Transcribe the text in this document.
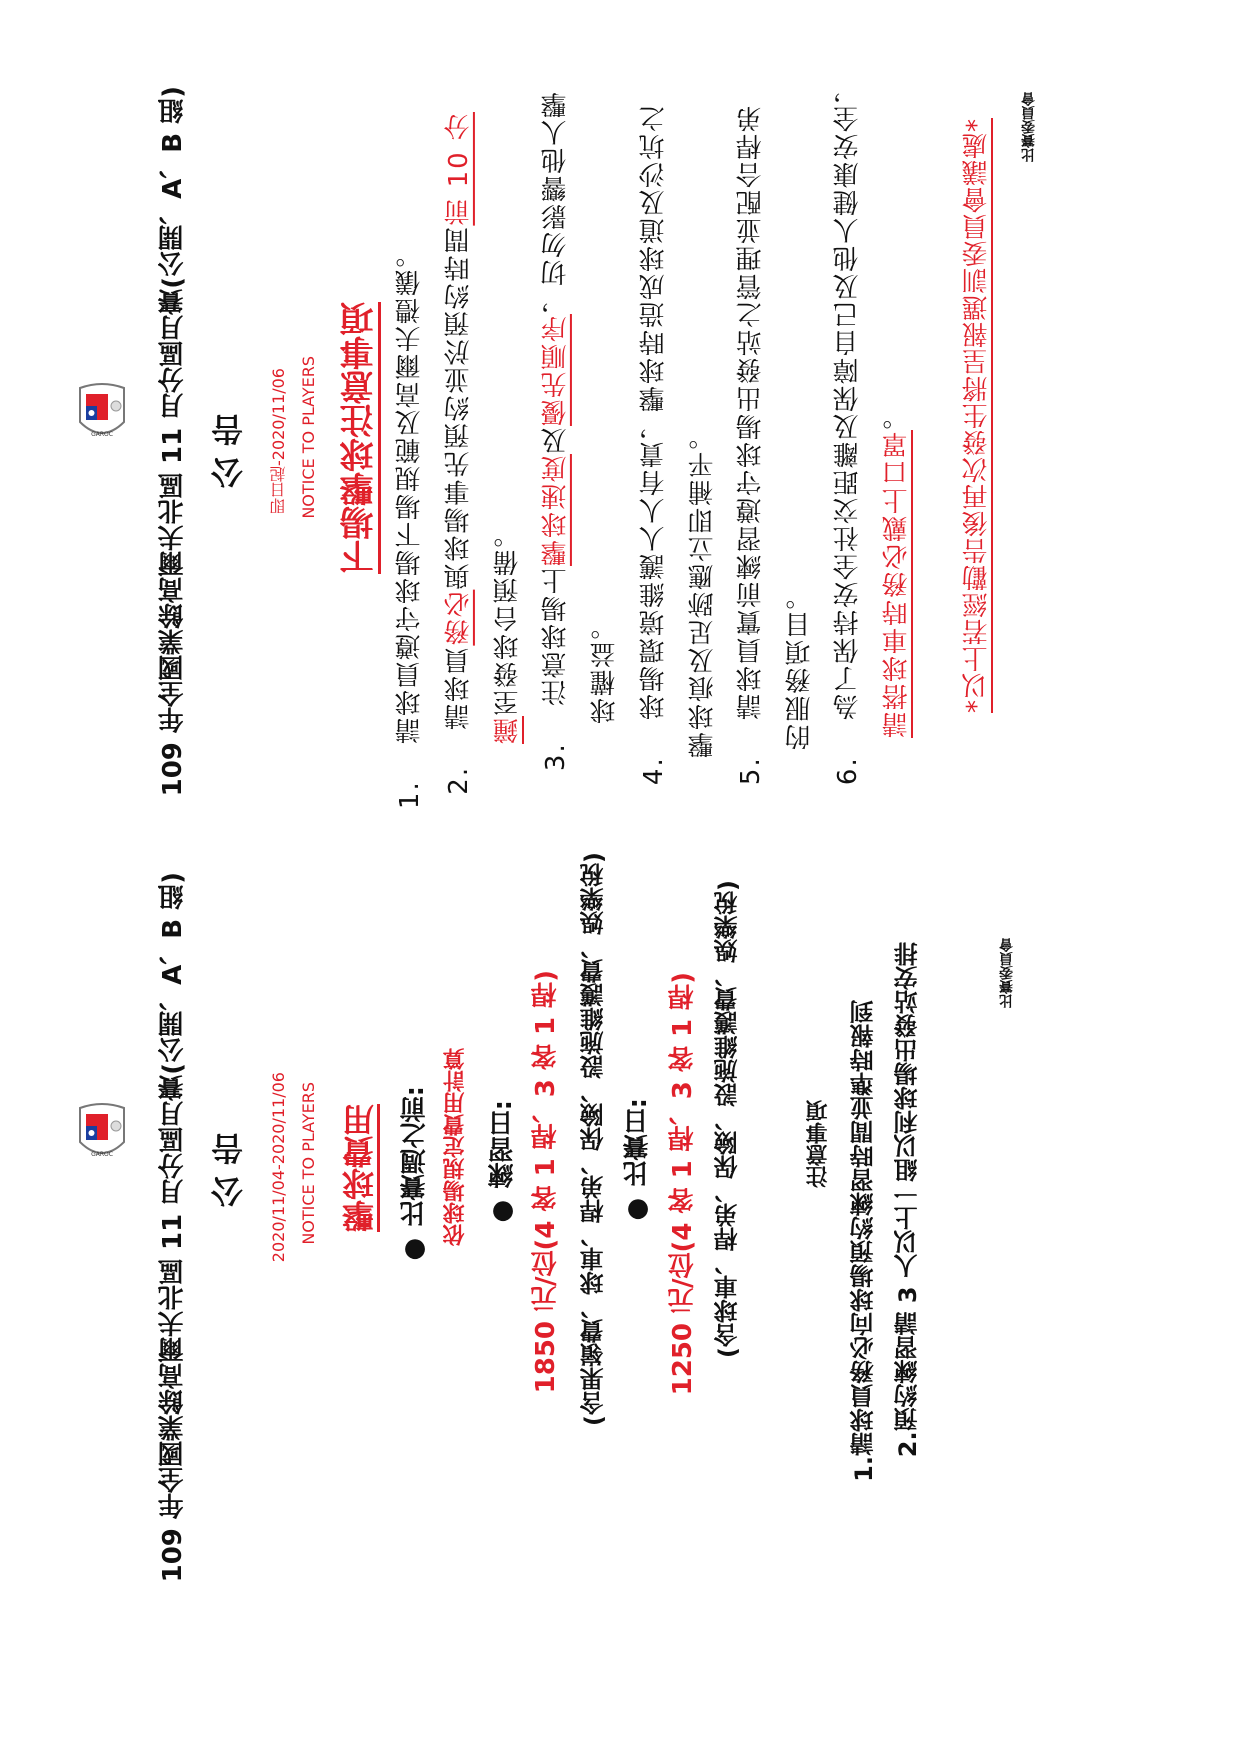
GAROC 109 年全國業餘高爾夫北區 11 月分區月賽(公開、A、B 組) 公 告 2020/11/04-2020/11/06 NOTICE TO PLAYERS 擊球費用 ● 比賽週之前: 依球場規定費用計算 ● 練習日: 1850 元/位(4 客 1 桿、3 客 1 桿) (含果嶺費、球車、桿弟、保險、設施維護費、娛樂稅) ● 比賽日: 1250 元/位(4 客 1 桿、3 客 1 桿) (含球車、桿弟、保險、設施維護費、娛樂稅)	注意事項 1.請球員務必向球場預約練習時間並準時報到 2.預約練習請 3 人以上一組以利球場出發站安排	比賽委員會
GAROC 109 年全國業餘高爾夫北區 11 月分區月賽(公開、A、B 組) 公 告 即日起-2020/11/06 NOTICE TO PLAYERS 下場擊球注意事項
1. 請球員遵守球場下場規範及高爾夫禮儀。
2. 請球員務必與球場事先預約並於預約時間前 10 分
鐘至發球台預備。
3. 注意球場上擊球速度及優先順序，切勿影響他人擊
球權益。
4. 球場環境維護人人有責，擊球時造成球道及沙坑之 擊球痕及足跡應立即補平。
5. 請球員實前練習遵守球場出發站之管理並配合桿弟 的服務項目。
6. 為了保持安全社交距離及保障自己及他人健康安全， 請搭球車時務必戴上口罩。 *以上若經勸告後再次發生將呈報選訓委員會議處* 比賽委員會
